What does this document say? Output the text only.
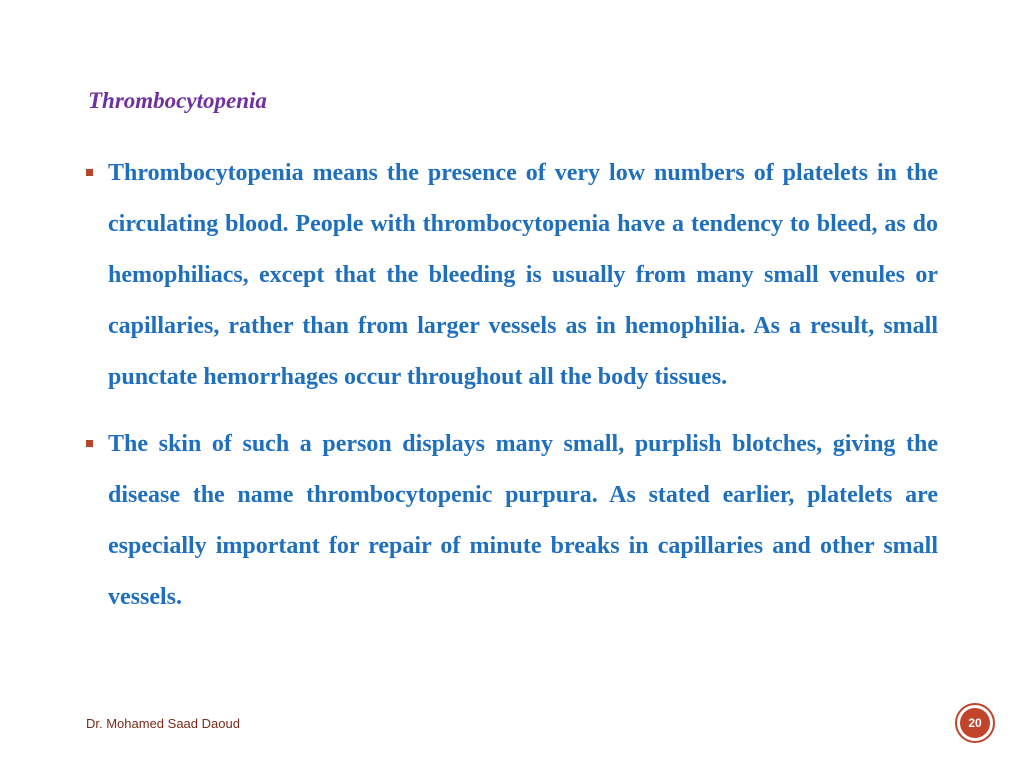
Thrombocytopenia
Thrombocytopenia means the presence of very low numbers of platelets in the circulating blood. People with thrombocytopenia have a tendency to bleed, as do hemophiliacs, except that the bleeding is usually from many small venules or capillaries, rather than from larger vessels as in hemophilia. As a result, small punctate hemorrhages occur throughout all the body tissues.
The skin of such a person displays many small, purplish blotches, giving the disease the name thrombocytopenic purpura. As stated earlier, platelets are especially important for repair of minute breaks in capillaries and other small vessels.
Dr. Mohamed Saad Daoud	20
